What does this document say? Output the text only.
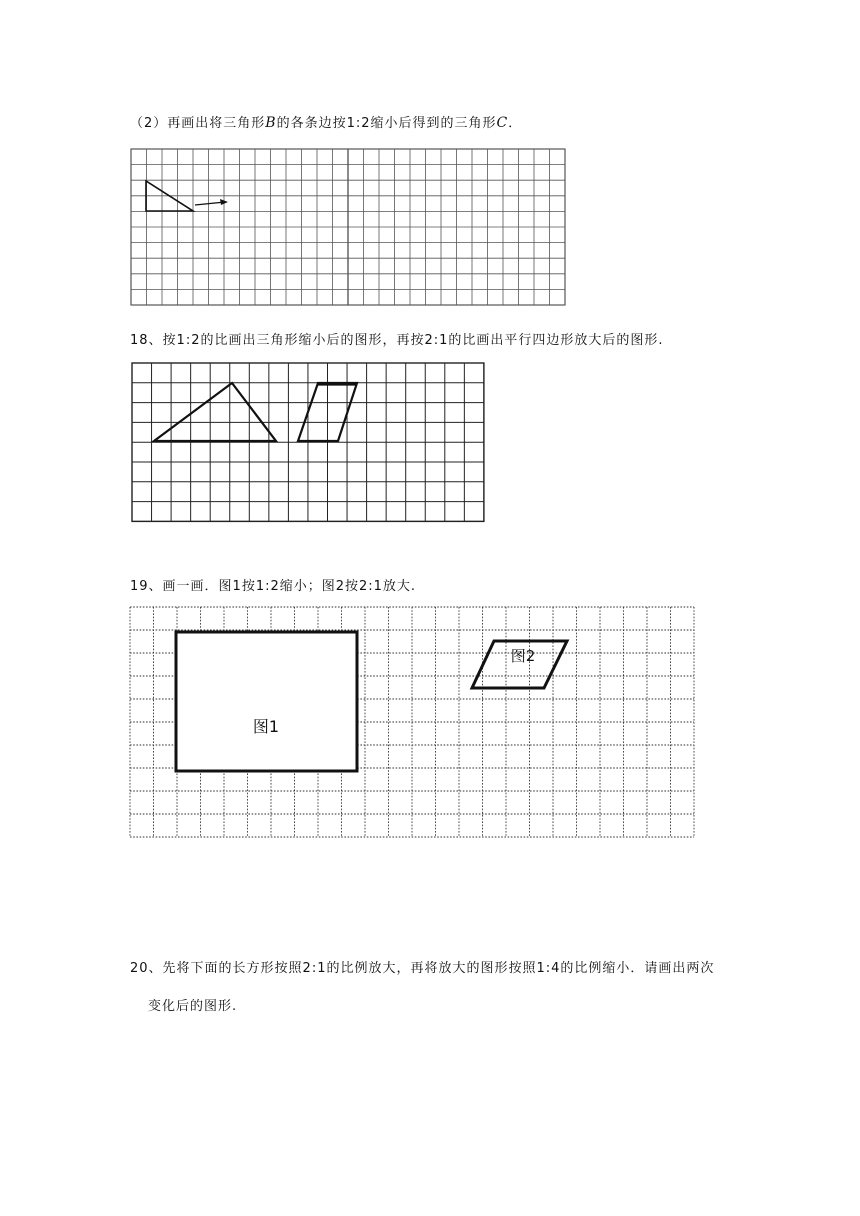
（2）再画出将三角形B的各条边按1:2缩小后得到的三角形C．
18、按1:2的比画出三角形缩小后的图形，再按2:1的比画出平行四边形放大后的图形.
19、画一画．图1按1:2缩小；图2按2:1放大.
图1
图2
20、先将下面的长方形按照2:1的比例放大，再将放大的图形按照1:4的比例缩小．请画出两次
变化后的图形.
